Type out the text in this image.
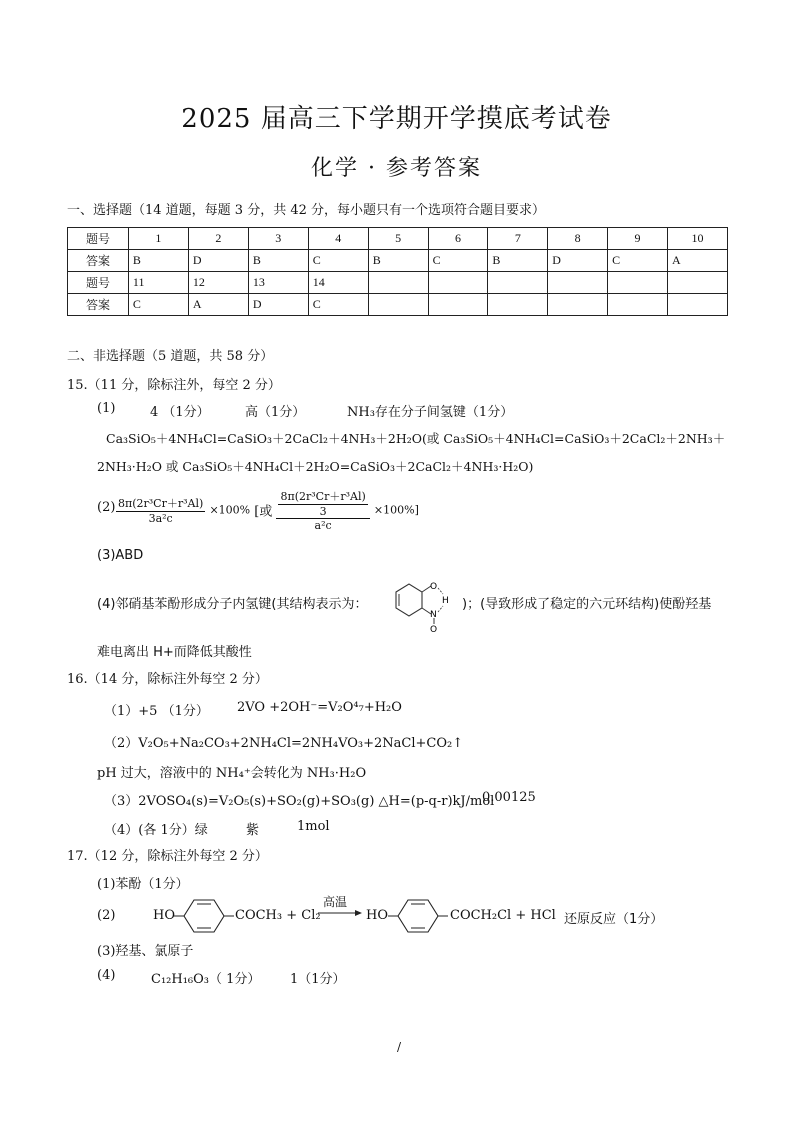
2025 届高三下学期开学摸底考试卷
化学 · 参考答案
一、选择题（14 道题，每题 3 分，共 42 分，每小题只有一个选项符合题目要求）
题号	1	2	3	4	5	6	7	8	9	10
答案	B	D	B	C	B	C	B	D	C	A
题号	11	12	13	14						
答案	C	A	D	C						
二、非选择题（5 道题，共 58 分）
15.（11 分，除标注外，每空 2 分）
(1)	4 （1分）	高（1分）	NH₃存在分子间氢键（1分）
Ca₃SiO₅＋4NH₄Cl=CaSiO₃＋2CaCl₂＋4NH₃＋2H₂O(或 Ca₃SiO₅＋4NH₄Cl=CaSiO₃＋2CaCl₂＋2NH₃＋
2NH₃·H₂O 或 Ca₃SiO₅＋4NH₄Cl＋2H₂O=CaSiO₃＋2CaCl₂＋4NH₃·H₂O)
$(2) \frac{\text{8π(2r³Cr＋r³Al)}}{\text{3a²c}} \times 100\%$ [或 $\frac{\frac{\text{8π(2r³Cr＋r³Al)}}{3}}{\text{a²c}} \times 100\%$]
(3)ABD
(4)邻硝基苯酚形成分子内氢键(其结构表示为：
O
H
N
O
)；(导致形成了稳定的六元环结构)使酚羟基
难电离出 H+而降低其酸性
16.（14 分，除标注外每空 2 分）
（1）+5 （1分） 2VO +2OH⁻=V₂O⁴₇+H₂O
（2）V₂O₅+Na₂CO₃+2NH₄Cl=2NH₄VO₃+2NaCl+CO₂↑
pH 过大，溶液中的 NH₄⁺会转化为 NH₃·H₂O
（3）2VOSO₄(s)=V₂O₅(s)+SO₂(g)+SO₃(g) △H=(p-q-r)kJ/mol
0.00125
（4）(各 1分）绿	紫	1mol
17.（12 分，除标注外每空 2 分）
(1)苯酚（1分）
(2)	HO	COCH₃ + Cl₂
高温
→ HO	COCH₂Cl + HCl 还原反应（1分）
(3)羟基、氯原子
(4)	C₁₂H₁₆O₃（ 1分） 1（1分）
/
